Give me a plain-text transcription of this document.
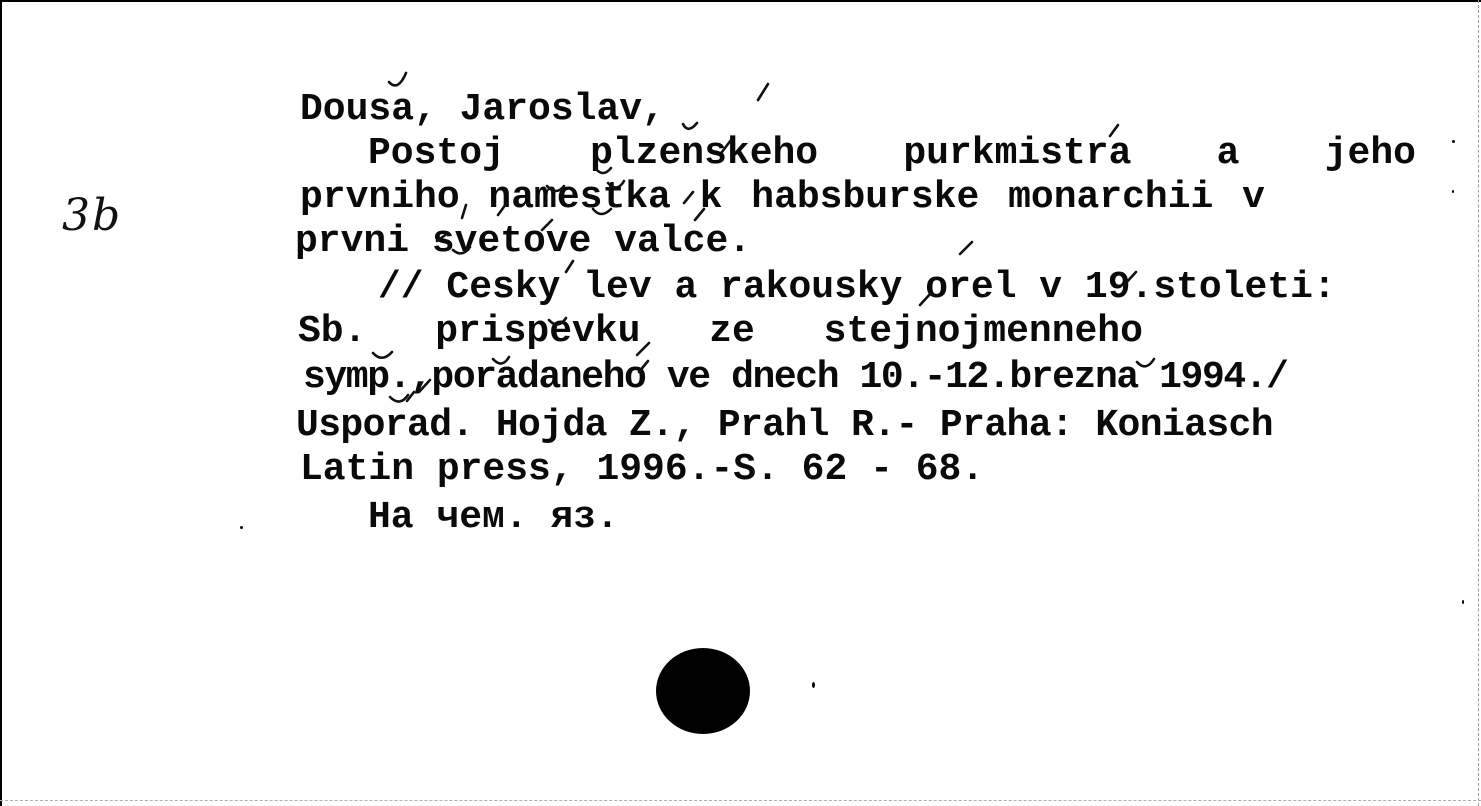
3b
Dousa, Jaroslav,
Postoj plzenskeho purkmistra a jeho
prvniho namestka k habsburske monarchii v
prvni svetove valce.
// Cesky lev a rakousky orel v 19.stoleti:
Sb. prispevku ze stejnojmenneho
symp.,poradaneho ve dnech 10.-12.brezna 1994./
Usporad. Hojda Z., Prahl R.- Praha: Koniasch
Latin press, 1996.-S. 62 - 68.
На чем. яз.
